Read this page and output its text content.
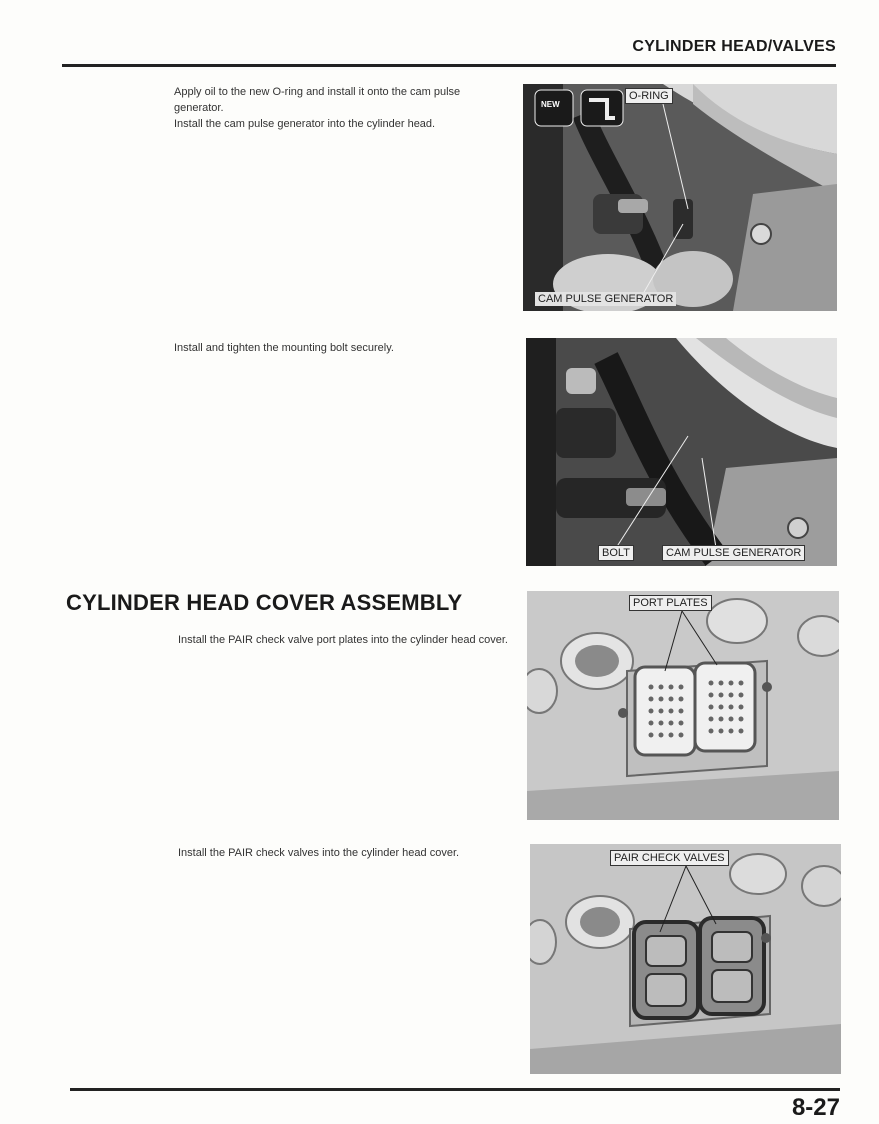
CYLINDER HEAD/VALVES

Apply oil to the new O-ring and install it onto the cam pulse generator.

Install the cam pulse generator into the cylinder head.

NEW
O-RING
CAM PULSE GENERATOR

Install and tighten the mounting bolt securely.

BOLT	CAM PULSE GENERATOR
CYLINDER HEAD COVER ASSEMBLY

Install the PAIR check valve port plates into the cylinder head cover.

PORT PLATES

Install the PAIR check valves into the cylinder head cover.	PAIR CHECK VALVES
8-27
